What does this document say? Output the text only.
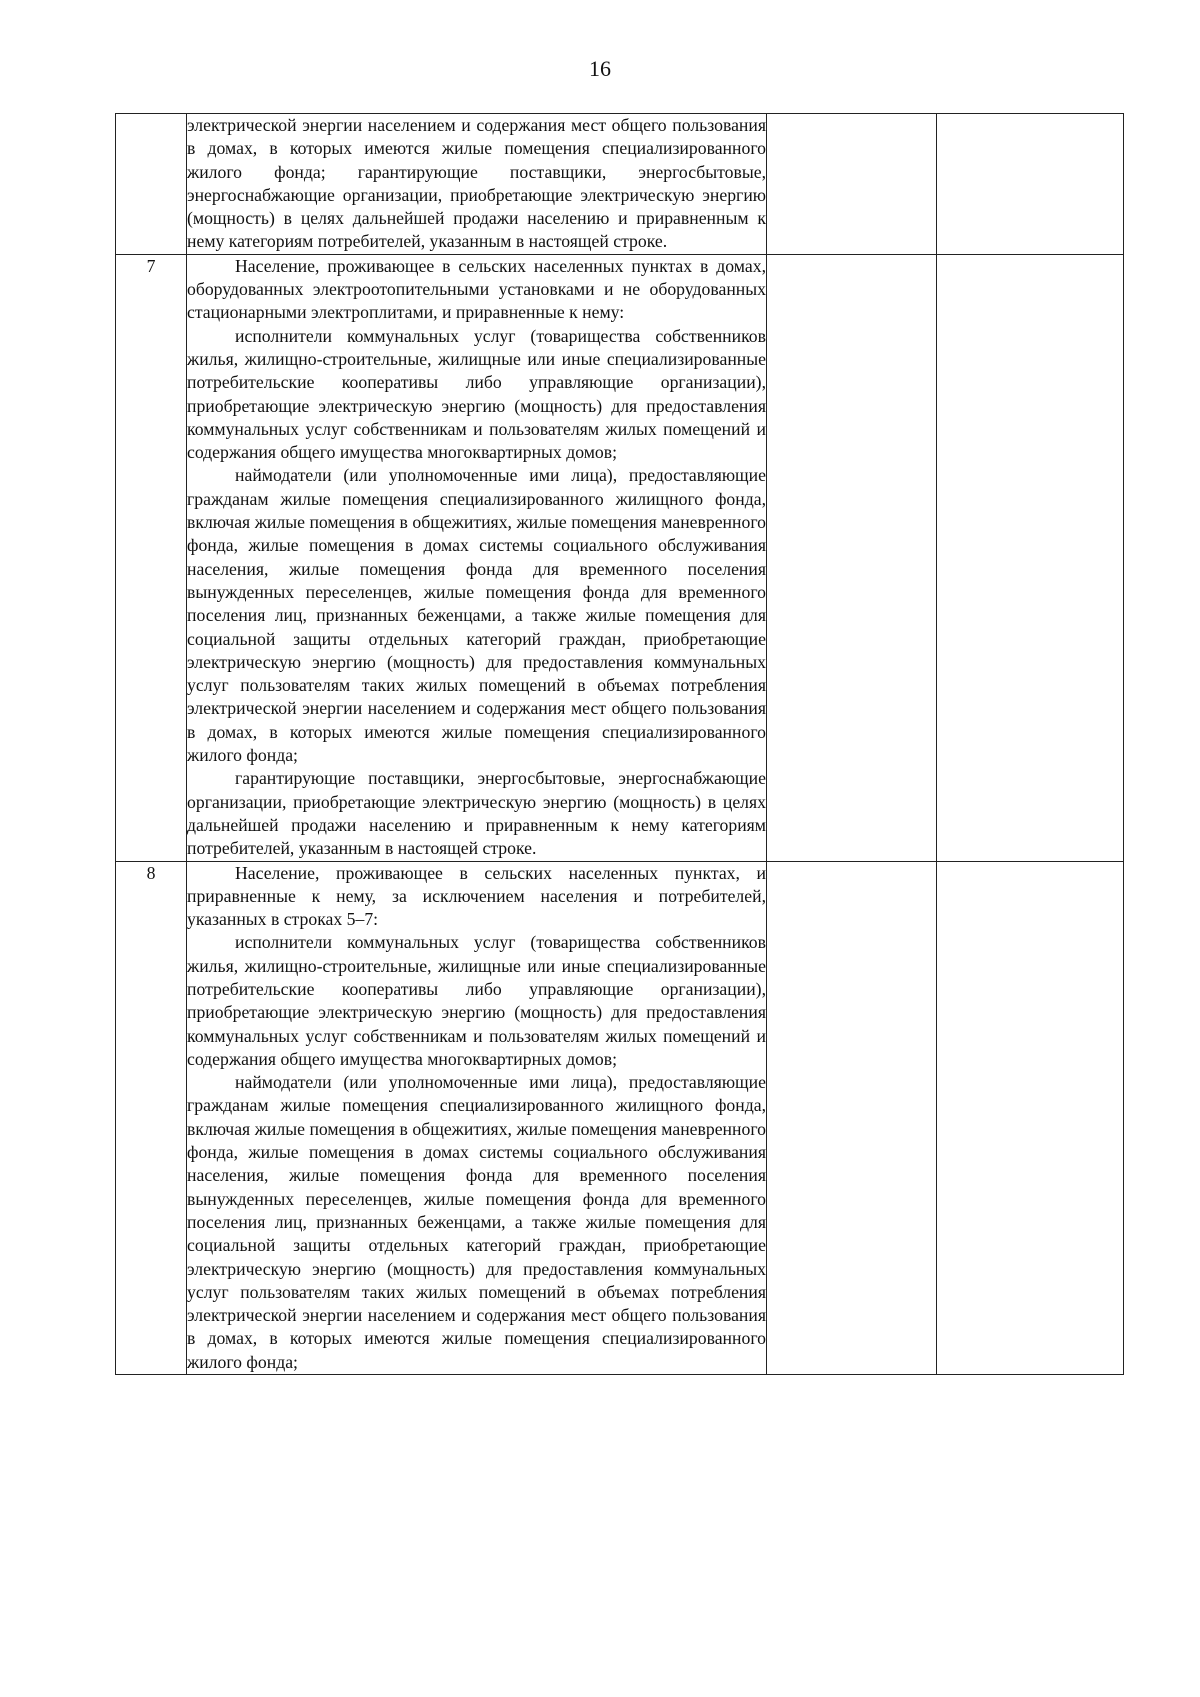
16

	электрической энергии населением и содержания мест общего пользования в домах, в которых имеются жилые помещения специализированного жилого фонда; гарантирующие поставщики, энергосбытовые, энергоснабжающие организации, приобретающие электрическую энергию (мощность) в целях дальнейшей продажи населению и приравненным к нему категориям потребителей, указанным в настоящей строке.		

7	Население, проживающее в сельских населенных пунктах в домах, оборудованных электроотопительными установками и не оборудованных стационарными электроплитами, и приравненные к нему:

исполнители коммунальных услуг (товарищества собственников жилья, жилищно-строительные, жилищные или иные специализированные потребительские кооперативы либо управляющие организации), приобретающие электрическую энергию (мощность) для предоставления коммунальных услуг собственникам и пользователям жилых помещений и содержания общего имущества многоквартирных домов;

наймодатели (или уполномоченные ими лица), предоставляющие гражданам жилые помещения специализированного жилищного фонда, включая жилые помещения в общежитиях, жилые помещения маневренного фонда, жилые помещения в домах системы социального обслуживания населения, жилые помещения фонда для временного поселения вынужденных переселенцев, жилые помещения фонда для временного поселения лиц, признанных беженцами, а также жилые помещения для социальной защиты отдельных категорий граждан, приобретающие электрическую энергию (мощность) для предоставления коммунальных услуг пользователям таких жилых помещений в объемах потребления электрической энергии населением и содержания мест общего пользования в домах, в которых имеются жилые помещения специализированного жилого фонда;

гарантирующие поставщики, энергосбытовые, энергоснабжающие организации, приобретающие электрическую энергию (мощность) в целях дальнейшей продажи населению и приравненным к нему категориям потребителей, указанным в настоящей строке.		

8	Население, проживающее в сельских населенных пунктах, и приравненные к нему, за исключением населения и потребителей, указанных в строках 5–7:

исполнители коммунальных услуг (товарищества собственников жилья, жилищно-строительные, жилищные или иные специализированные потребительские кооперативы либо управляющие организации), приобретающие электрическую энергию (мощность) для предоставления коммунальных услуг собственникам и пользователям жилых помещений и содержания общего имущества многоквартирных домов;

наймодатели (или уполномоченные ими лица), предоставляющие гражданам жилые помещения специализированного жилищного фонда, включая жилые помещения в общежитиях, жилые помещения маневренного фонда, жилые помещения в домах системы социального обслуживания населения, жилые помещения фонда для временного поселения вынужденных переселенцев, жилые помещения фонда для временного поселения лиц, признанных беженцами, а также жилые помещения для социальной защиты отдельных категорий граждан, приобретающие электрическую энергию (мощность) для предоставления коммунальных услуг пользователям таких жилых помещений в объемах потребления электрической энергии населением и содержания мест общего пользования в домах, в которых имеются жилые помещения специализированного жилого фонда;		
